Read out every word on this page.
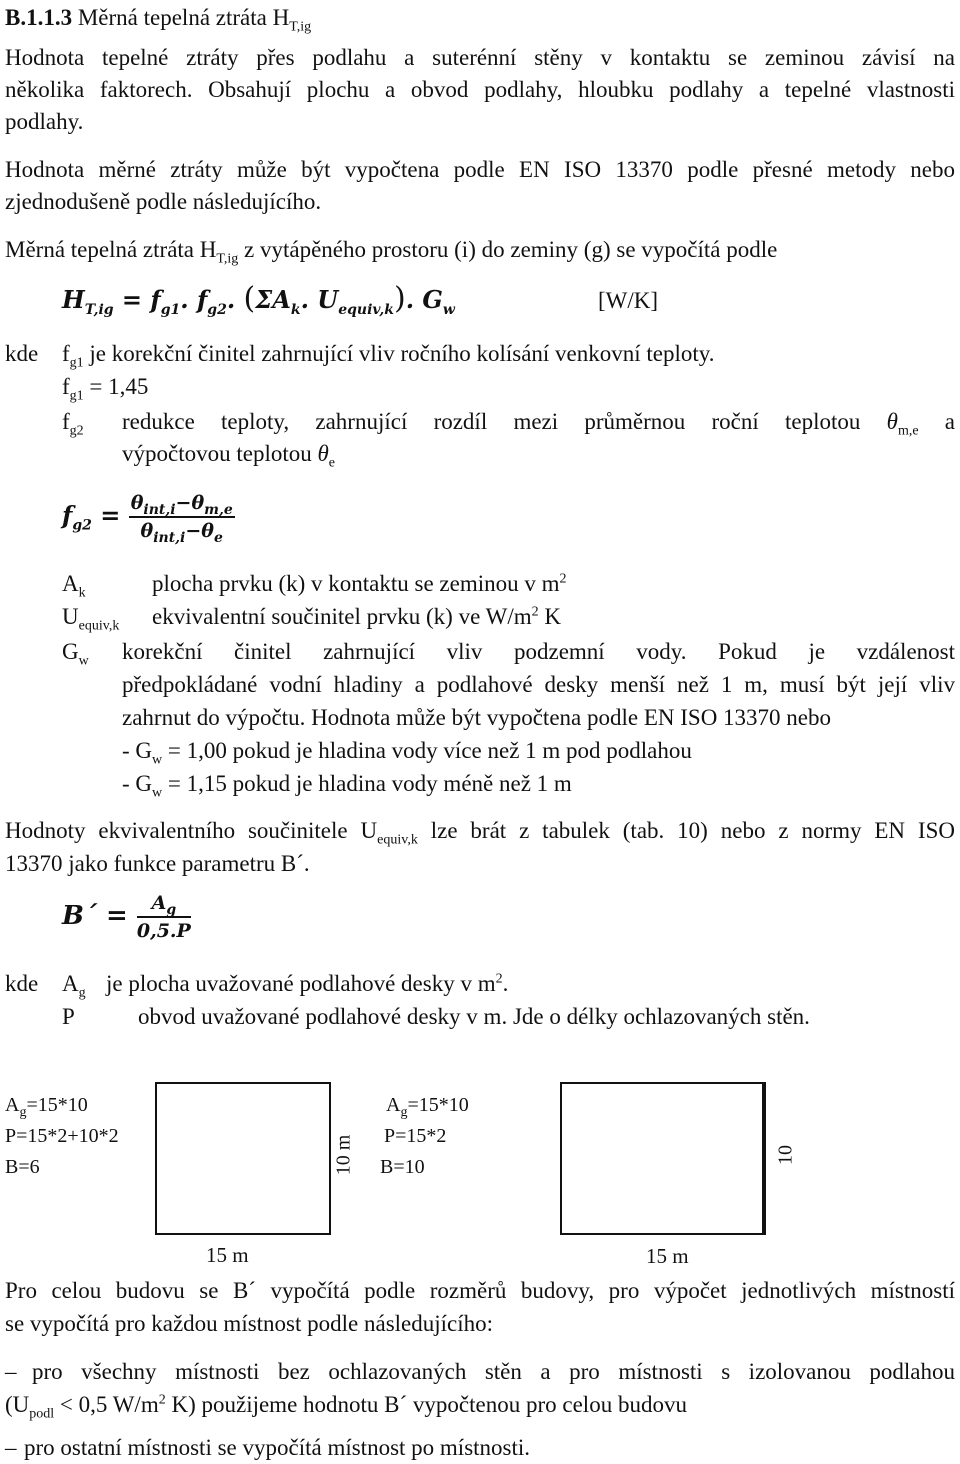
B.1.1.3 Měrná tepelná ztráta $H_{T,ig}$
Hodnota tepelné ztráty přes podlahu a suterénní stěny v kontaktu se zeminou závisí na
několika faktorech. Obsahují plochu a obvod podlahy, hloubku podlahy a tepelné vlastnosti
podlahy.
Hodnota měrné ztráty může být vypočtena podle EN ISO 13370 podle přesné metody nebo
zjednodušeně podle následujícího.
Měrná tepelná ztráta $H_{T,ig}$ z vytápěného prostoru (i) do zeminy (g) se vypočítá podle
$H_{T,ig} = f_{g1}$. $f_{g2}$. ($\Sigma A_k$. $U_{equiv,k}$). $G_w$	[W/K]
kde $f_{g1}$ je korekční činitel zahrnující vliv ročního kolísání venkovní teploty.
$f_{g1} = 1,45$
$f_{g2}$ redukce teploty, zahrnující rozdíl mezi průměrnou roční teplotou $\theta_{m,e}$ a
výpočtovou teplotou $\theta_e$
$f_{g2} = \frac{\theta_{int,i}-\theta_{m,e}}{\theta_{int,i}-\theta_e}$
$A_k$	plocha prvku (k) v kontaktu se zeminou v $m^2$
$U_{equiv,k}$ ekvivalentní součinitel prvku (k) ve $W/m^2$ K
$G_w$ korekční činitel zahrnující vliv podzemní vody. Pokud je vzdálenost
předpokládané vodní hladiny a podlahové desky menší než 1 m, musí být její vliv
zahrnut do výpočtu. Hodnota může být vypočtena podle EN ISO 13370 nebo
- $G_w = 1,00$ pokud je hladina vody více než 1 m pod podlahou
- $G_w = 1,15$ pokud je hladina vody méně než 1 m
Hodnoty ekvivalentního součinitele $U_{equiv,k}$ lze brát z tabulek (tab. 10) nebo z normy EN ISO
13370 jako funkce parametru B´.
B´ = $\frac{A_g}{0,5.P}$
kde $A_g$ je plocha uvažované podlahové desky v $m^2$.
P	obvod uvažované podlahové desky v m. Jde o délky ochlazovaných stěn.
$A_g=15*10$
P=15*2+10*2
B=6	10 m
15 m
$A_g=15*10$
P=15*2
B=10
10
15 m
Pro celou budovu se B´ vypočítá podle rozměrů budovy, pro výpočet jednotlivých místností
se vypočítá pro každou místnost podle následujícího:
– pro všechny místnosti bez ochlazovaných stěn a pro místnosti s izolovanou podlahou
($U_{podl} < 0,5$ $W/m^2$ K) použijeme hodnotu B´ vypočtenou pro celou budovu
– pro ostatní místnosti se vypočítá místnost po místnosti.
